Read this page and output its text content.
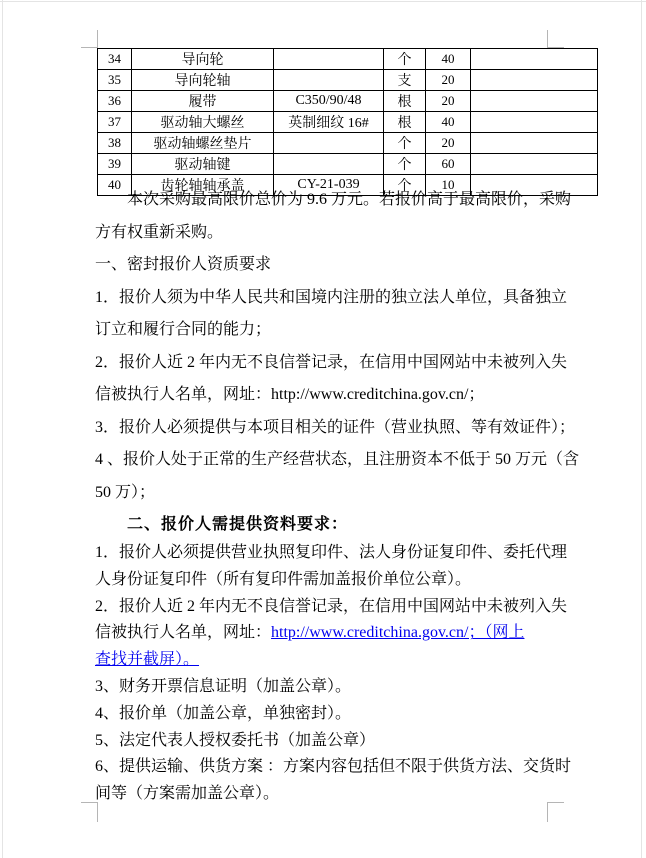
34	导向轮		个	40	
35	导向轮轴		支	20	
36	履带	C350/90/48	根	20	
37	驱动轴大螺丝	英制细纹 16#	根	40	
38	驱动轴螺丝垫片		个	20	
39	驱动轴键		个	60	
40	齿轮轴轴承盖	CY-21-039	个	10	
本次采购最高限价总价为 9.6 万元。若报价高于最高限价，采购
方有权重新采购。
一、密封报价人资质要求
1．报价人须为中华人民共和国境内注册的独立法人单位，具备独立
订立和履行合同的能力；
2．报价人近 2 年内无不良信誉记录，在信用中国网站中未被列入失
信被执行人名单，网址：http://www.creditchina.gov.cn/；
3．报价人必须提供与本项目相关的证件（营业执照、等有效证件）；
4 、报价人处于正常的生产经营状态，且注册资本不低于 50 万元（含
50 万）；
二、报价人需提供资料要求：
1．报价人必须提供营业执照复印件、法人身份证复印件、委托代理
人身份证复印件（所有复印件需加盖报价单位公章）。
2．报价人近 2 年内无不良信誉记录，在信用中国网站中未被列入失
信被执行人名单，网址：http://www.creditchina.gov.cn/；（网上
查找并截屏）。
3、财务开票信息证明（加盖公章）。
4、报价单（加盖公章，单独密封）。
5、法定代表人授权委托书（加盖公章）
6、提供运输、供货方案 ：方案内容包括但不限于供货方法、交货时
间等（方案需加盖公章）。
